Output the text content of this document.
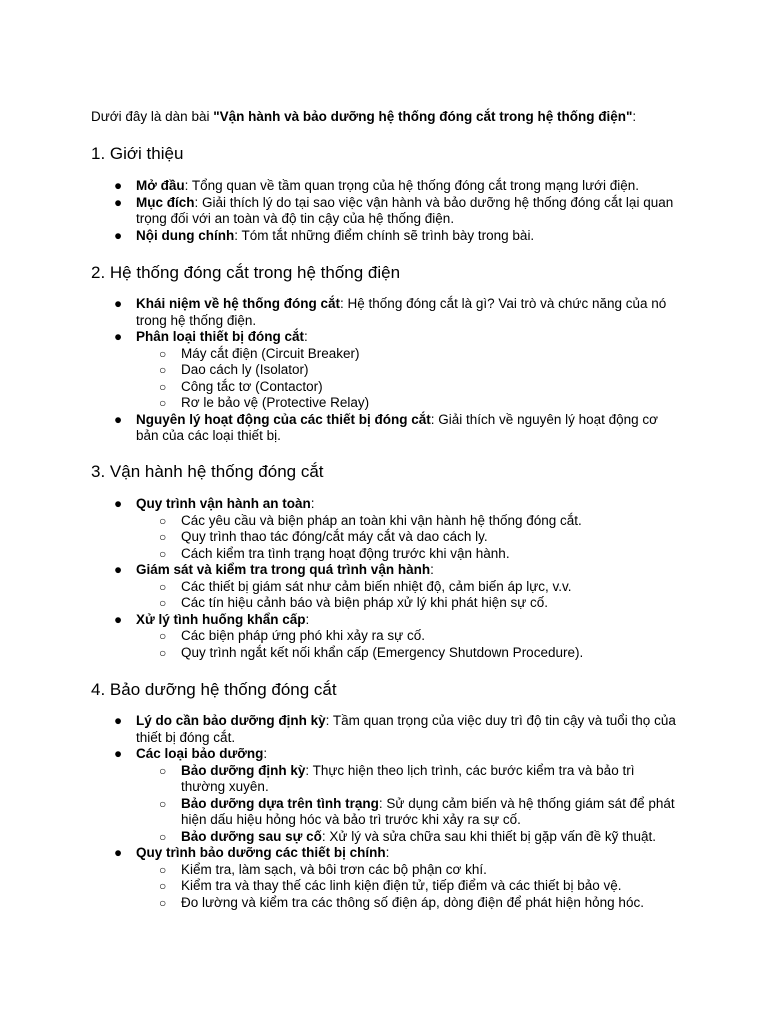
Dưới đây là dàn bài "Vận hành và bảo dưỡng hệ thống đóng cắt trong hệ thống điện":

1. Giới thiệu
● Mở đầu: Tổng quan về tầm quan trọng của hệ thống đóng cắt trong mạng lưới điện.
● Mục đích: Giải thích lý do tại sao việc vận hành và bảo dưỡng hệ thống đóng cắt lại quan trọng đối với an toàn và độ tin cậy của hệ thống điện.
● Nội dung chính: Tóm tắt những điểm chính sẽ trình bày trong bài.
2. Hệ thống đóng cắt trong hệ thống điện
● Khái niệm về hệ thống đóng cắt: Hệ thống đóng cắt là gì? Vai trò và chức năng của nó trong hệ thống điện.
● Phân loại thiết bị đóng cắt:
○ Máy cắt điện (Circuit Breaker)
○ Dao cách ly (Isolator)
○ Công tắc tơ (Contactor)
○ Rơ le bảo vệ (Protective Relay)
● Nguyên lý hoạt động của các thiết bị đóng cắt: Giải thích về nguyên lý hoạt động cơ bản của các loại thiết bị.
3. Vận hành hệ thống đóng cắt
● Quy trình vận hành an toàn:
○ Các yêu cầu và biện pháp an toàn khi vận hành hệ thống đóng cắt.
○ Quy trình thao tác đóng/cắt máy cắt và dao cách ly.
○ Cách kiểm tra tình trạng hoạt động trước khi vận hành.
● Giám sát và kiểm tra trong quá trình vận hành:
○ Các thiết bị giám sát như cảm biến nhiệt độ, cảm biến áp lực, v.v.
○ Các tín hiệu cảnh báo và biện pháp xử lý khi phát hiện sự cố.
● Xử lý tình huống khẩn cấp:
○ Các biện pháp ứng phó khi xảy ra sự cố.
○ Quy trình ngắt kết nối khẩn cấp (Emergency Shutdown Procedure).
4. Bảo dưỡng hệ thống đóng cắt
● Lý do cần bảo dưỡng định kỳ: Tầm quan trọng của việc duy trì độ tin cậy và tuổi thọ của thiết bị đóng cắt.
● Các loại bảo dưỡng:
○ Bảo dưỡng định kỳ: Thực hiện theo lịch trình, các bước kiểm tra và bảo trì thường xuyên.
○ Bảo dưỡng dựa trên tình trạng: Sử dụng cảm biến và hệ thống giám sát để phát hiện dấu hiệu hỏng hóc và bảo trì trước khi xảy ra sự cố.
○ Bảo dưỡng sau sự cố: Xử lý và sửa chữa sau khi thiết bị gặp vấn đề kỹ thuật.
● Quy trình bảo dưỡng các thiết bị chính:
○ Kiểm tra, làm sạch, và bôi trơn các bộ phận cơ khí.
○ Kiểm tra và thay thế các linh kiện điện tử, tiếp điểm và các thiết bị bảo vệ.
○ Đo lường và kiểm tra các thông số điện áp, dòng điện để phát hiện hỏng hóc.
